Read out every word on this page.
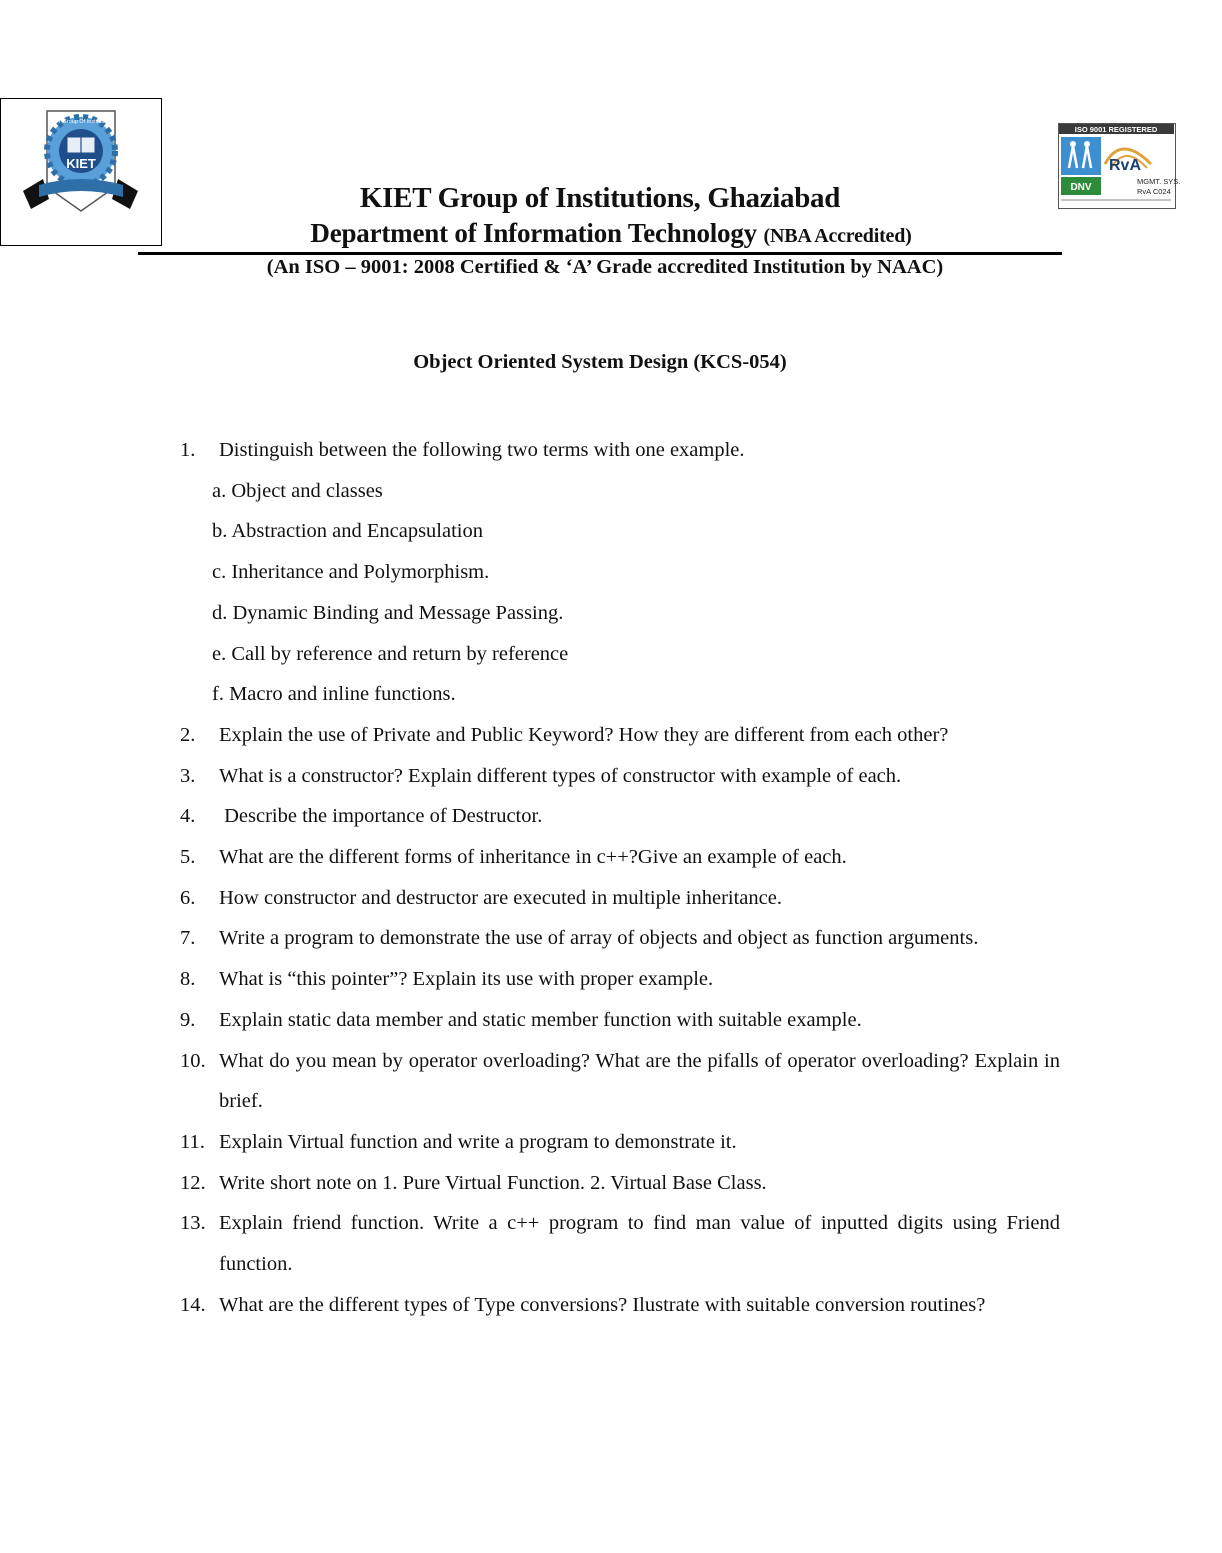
KIET
KIET Group Of Institutions
ISO 9001 REGISTERED
DNV
RvA
MGMT. SYS.
RvA C024
KIET Group of Institutions, Ghaziabad
Department of Information Technology (NBA Accredited)
(An ISO – 9001: 2008 Certified & ‘A’ Grade accredited Institution by NAAC)
Object Oriented System Design (KCS-054)
1. Distinguish between the following two terms with one example.
a. Object and classes
b. Abstraction and Encapsulation
c. Inheritance and Polymorphism.
d. Dynamic Binding and Message Passing.
e. Call by reference and return by reference
f. Macro and inline functions.
2. Explain the use of Private and Public Keyword? How they are different from each other?
3. What is a constructor? Explain different types of constructor with example of each.
4. Describe the importance of Destructor.
5. What are the different forms of inheritance in c++?Give an example of each.
6. How constructor and destructor are executed in multiple inheritance.
7. Write a program to demonstrate the use of array of objects and object as function arguments.
8. What is “this pointer”? Explain its use with proper example.
9. Explain static data member and static member function with suitable example.
10. What do you mean by operator overloading? What are the pifalls of operator overloading? Explain in brief.
11. Explain Virtual function and write a program to demonstrate it.
12. Write short note on 1. Pure Virtual Function. 2. Virtual Base Class.
13. Explain friend function. Write a c++ program to find man value of inputted digits using Friend function.
14. What are the different types of Type conversions? Ilustrate with suitable conversion routines?
